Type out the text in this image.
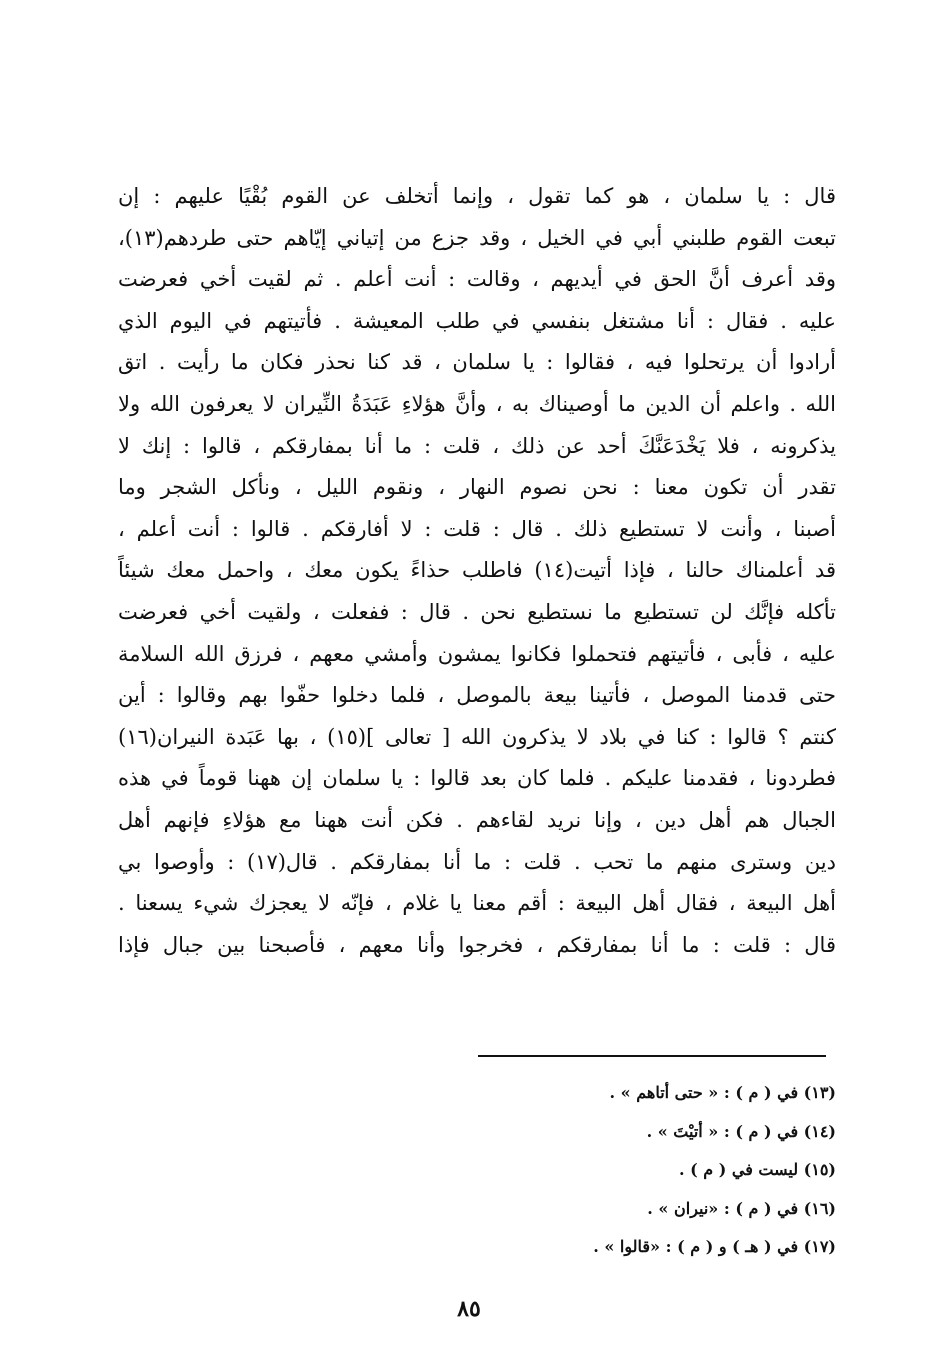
قال : يا سلمان ، هو كما تقول ، وإنما أتخلف عن القوم بُقْيًا عليهم : إن
تبعت القوم طلبني أبي في الخيل ، وقد جزع من إتياني إيّاهم حتى طردهم(١٣)،
وقد أعرف أنَّ الحق في أيديهم ، وقالت : أنت أعلم . ثم لقيت أخي فعرضت
عليه . فقال : أنا مشتغل بنفسي في طلب المعيشة . فأتيتهم في اليوم الذي
أرادوا أن يرتحلوا فيه ، فقالوا : يا سلمان ، قد كنا نحذر فكان ما رأيت . اتق
الله . واعلم أن الدين ما أوصيناك به ، وأنَّ هؤلاءِ عَبَدَةُ النِّيران لا يعرفون الله ولا
يذكرونه ، فلا يَخْدَعَنَّكَ أحد عن ذلك ، قلت : ما أنا بمفارقكم ، قالوا : إنك لا
تقدر أن تكون معنا : نحن نصوم النهار ، ونقوم الليل ، ونأكل الشجر وما
أصبنا ، وأنت لا تستطيع ذلك . قال : قلت : لا أفارقكم . قالوا : أنت أعلم ،
قد أعلمناك حالنا ، فإذا أتيت(١٤) فاطلب حذاءً يكون معك ، واحمل معك شيئاً
تأكله فإنَّك لن تستطيع ما نستطيع نحن . قال : ففعلت ، ولقيت أخي فعرضت
عليه ، فأبى ، فأتيتهم فتحملوا فكانوا يمشون وأمشي معهم ، فرزق الله السلامة
حتى قدمنا الموصل ، فأتينا بيعة بالموصل ، فلما دخلوا حفّوا بهم وقالوا : أين
كنتم ؟ قالوا : كنا في بلاد لا يذكرون الله [ تعالى ](١٥) ، بها عَبَدة النيران(١٦)
فطردونا ، فقدمنا عليكم . فلما كان بعد قالوا : يا سلمان إن ههنا قوماً في هذه
الجبال هم أهل دين ، وإنا نريد لقاءهم . فكن أنت ههنا مع هؤلاءِ فإنهم أهل
دين وسترى منهم ما تحب . قلت : ما أنا بمفارقكم . قال(١٧) : وأوصوا بي
أهل البيعة ، فقال أهل البيعة : أقم معنا يا غلام ، فإنّه لا يعجزك شيء يسعنا .
قال : قلت : ما أنا بمفارقكم ، فخرجوا وأنا معهم ، فأصبحنا بين جبال فإذا
(١٣) في ( م ) : « حتى أتاهم » .
(١٤) في ( م ) : « أتيْتَ » .
(١٥) ليست في ( م ) .
(١٦) في ( م ) : «نيران » .
(١٧) في ( هـ ) و ( م ) : «قالوا » .
٨٥
